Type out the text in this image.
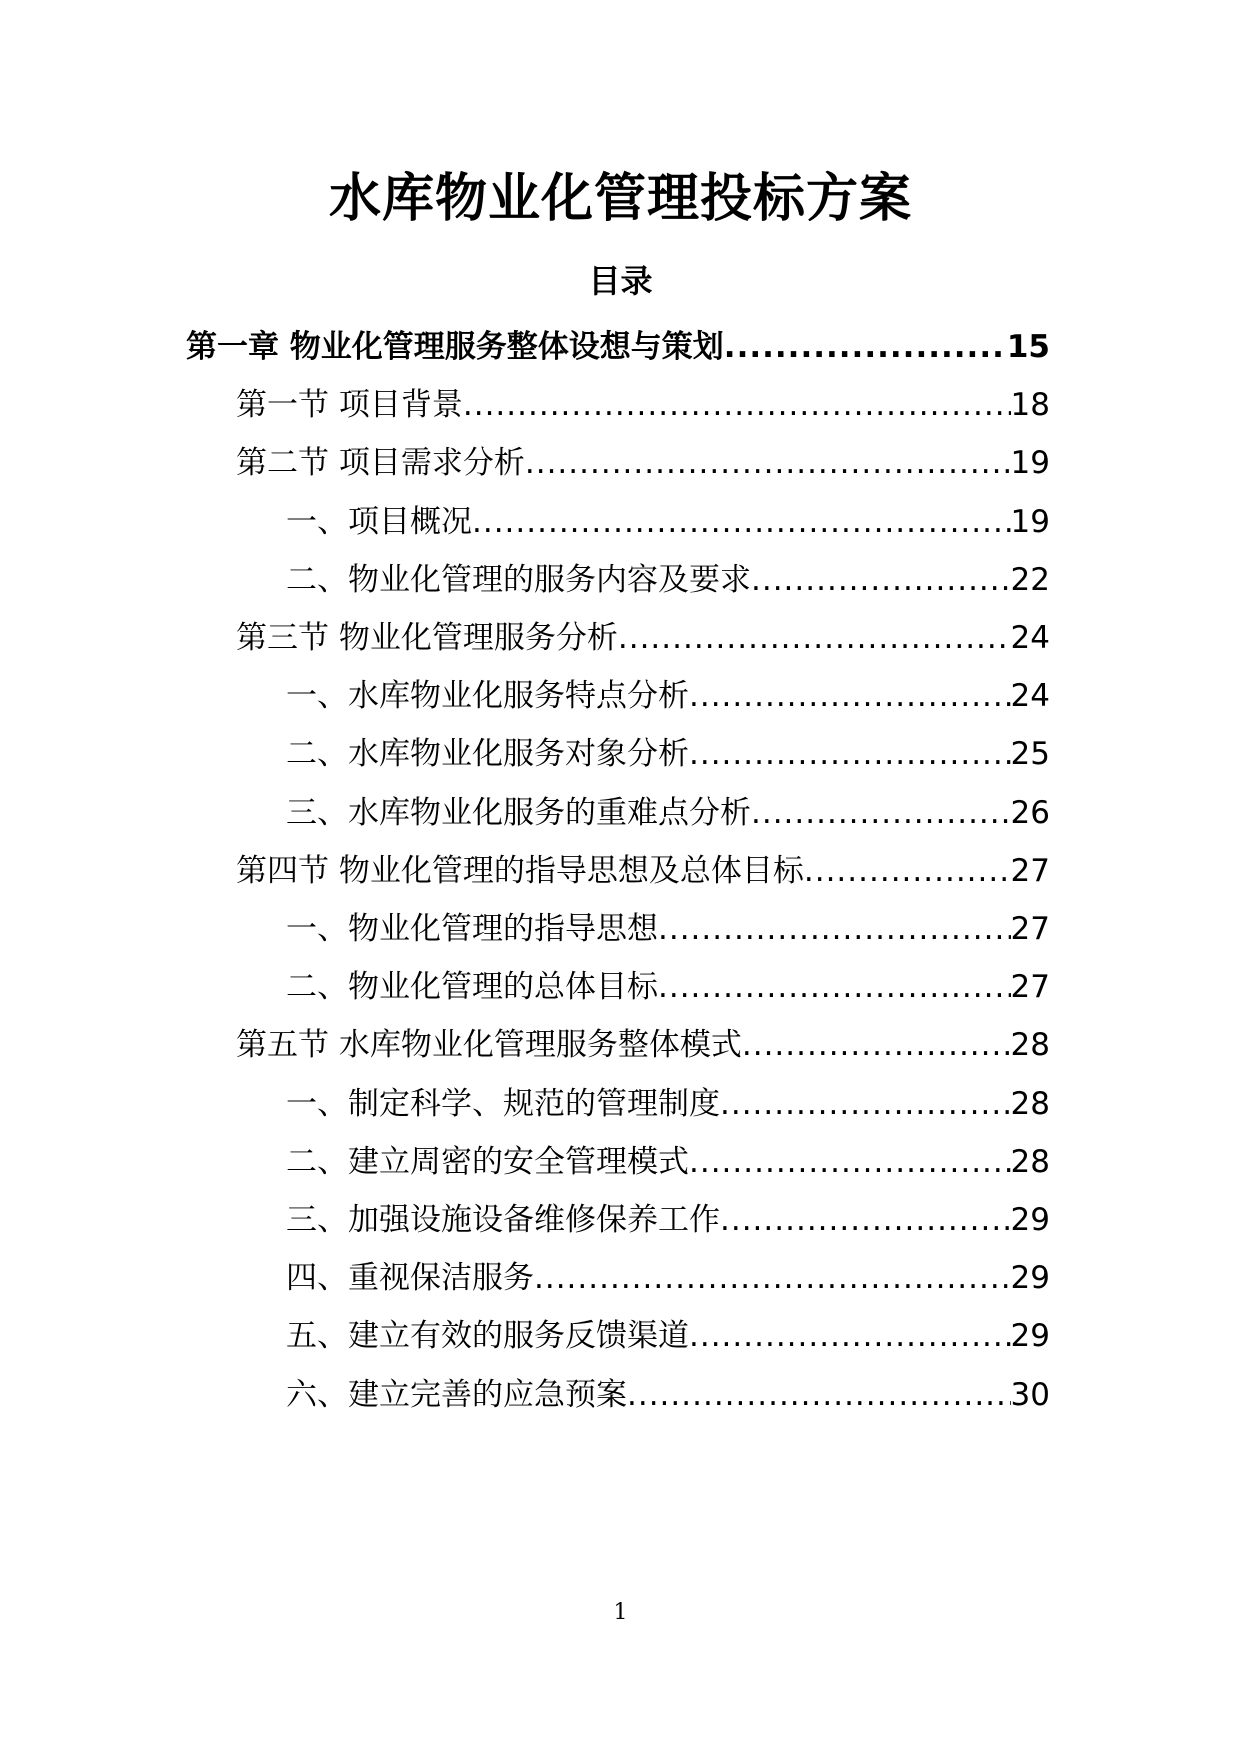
水库物业化管理投标方案
目录
第一章 物业化管理服务整体设想与策划 .....	15
第一节 项目背景 .....	18
第二节 项目需求分析 .....	19
一、项目概况 .....	19
二、物业化管理的服务内容及要求 .....	22
第三节 物业化管理服务分析 .....	24
一、水库物业化服务特点分析 .....	24
二、水库物业化服务对象分析 .....	25
三、水库物业化服务的重难点分析 .....	26
第四节 物业化管理的指导思想及总体目标 .....	27
一、物业化管理的指导思想 .....	27
二、物业化管理的总体目标 .....	27
第五节 水库物业化管理服务整体模式 .....	28
一、制定科学、规范的管理制度 .....	28
二、建立周密的安全管理模式 .....	28
三、加强设施设备维修保养工作 .....	29
四、重视保洁服务 .....	29
五、建立有效的服务反馈渠道 .....	29
六、建立完善的应急预案 .....	30
1
